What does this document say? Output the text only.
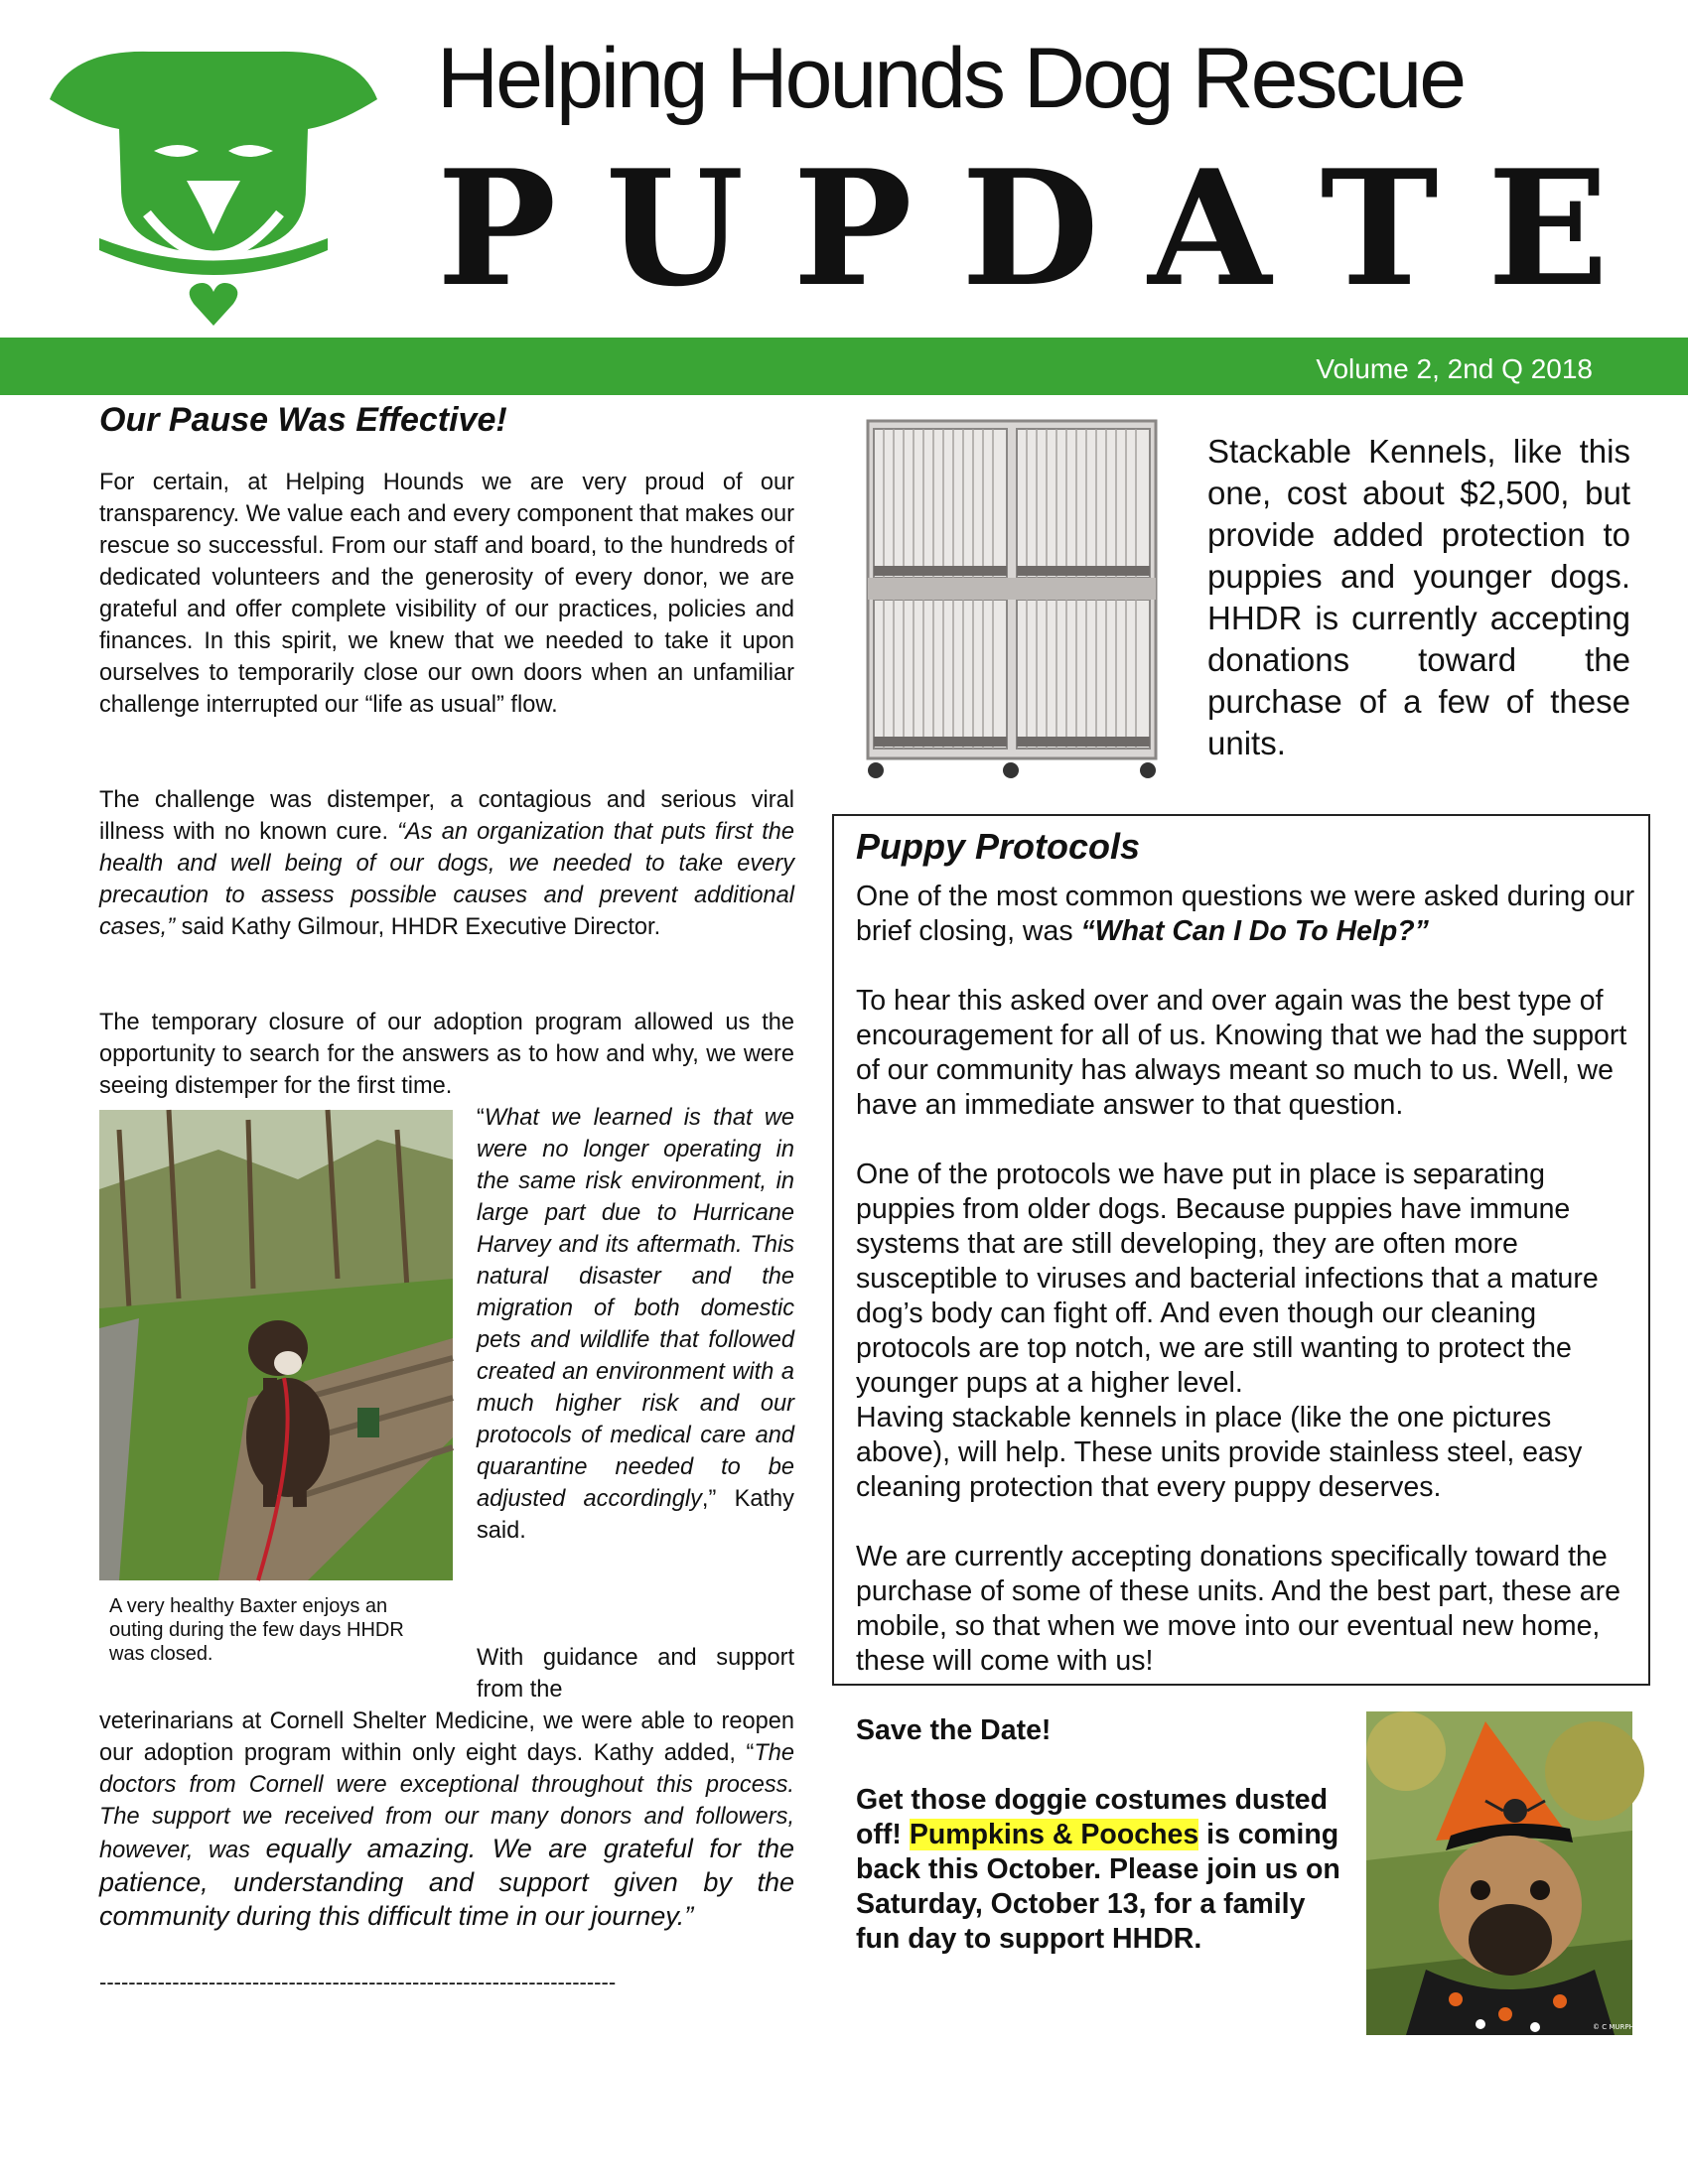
Helping Hounds Dog Rescue
P U P D A T E
Volume 2, 2nd Q 2018
Our Pause Was Effective!

For certain, at Helping Hounds we are very proud of our transparency. We value each and every component that makes our rescue so successful. From our staff and board, to the hundreds of dedicated volunteers and the generosity of every donor, we are grateful and offer complete visibility of our practices, policies and finances. In this spirit, we knew that we needed to take it upon ourselves to temporarily close our own doors when an unfamiliar challenge interrupted our “life as usual” flow.

The challenge was distemper, a contagious and serious viral illness with no known cure. “As an organization that puts first the health and well being of our dogs, we needed to take every precaution to assess possible causes and prevent additional cases,” said Kathy Gilmour, HHDR Executive Director.

The temporary closure of our adoption program allowed us the opportunity to search for the answers as to how and why, we were seeing distemper for the first time.

“What we learned is that we were no longer operating in the same risk environment, in large part due to Hurricane Harvey and its aftermath. This natural disaster and the migration of both domestic pets and wildlife that followed created an environment with a much higher risk and our protocols of medical care and quarantine needed to be adjusted accordingly,” Kathy said.
A very healthy Baxter enjoys an outing during the few days HHDR was closed.	With guidance and support from the

veterinarians at Cornell Shelter Medicine, we were able to reopen our adoption program within only eight days. Kathy added, “The doctors from Cornell were exceptional throughout this process. The support we received from our many donors and followers, however, was equally amazing. We are grateful for the patience, understanding and support given by the community during this difficult time in our journey.”

-----------------------------------------------------------------------
Stackable Kennels, like this one, cost about $2,500, but provide added protection to puppies and younger dogs. HHDR is currently accepting donations toward the purchase of a few of these units.
Puppy Protocols

One of the most common questions we were asked during our brief closing, was “What Can I Do To Help?”

To hear this asked over and over again was the best type of encouragement for all of us. Knowing that we had the support of our community has always meant so much to us. Well, we have an immediate answer to that question.

One of the protocols we have put in place is separating puppies from older dogs. Because puppies have immune systems that are still developing, they are often more susceptible to viruses and bacterial infections that a mature dog’s body can fight off. And even though our cleaning protocols are top notch, we are still wanting to protect the younger pups at a higher level.

Having stackable kennels in place (like the one pictures above), will help. These units provide stainless steel, easy cleaning protection that every puppy deserves.

We are currently accepting donations specifically toward the purchase of some of these units. And the best part, these are mobile, so that when we move into our eventual new home, these will come with us!

Save the Date!

Get those doggie costumes dusted off! Pumpkins & Pooches is coming back this October. Please join us on Saturday, October 13, for a family fun day to support HHDR.

© C MURPHY
